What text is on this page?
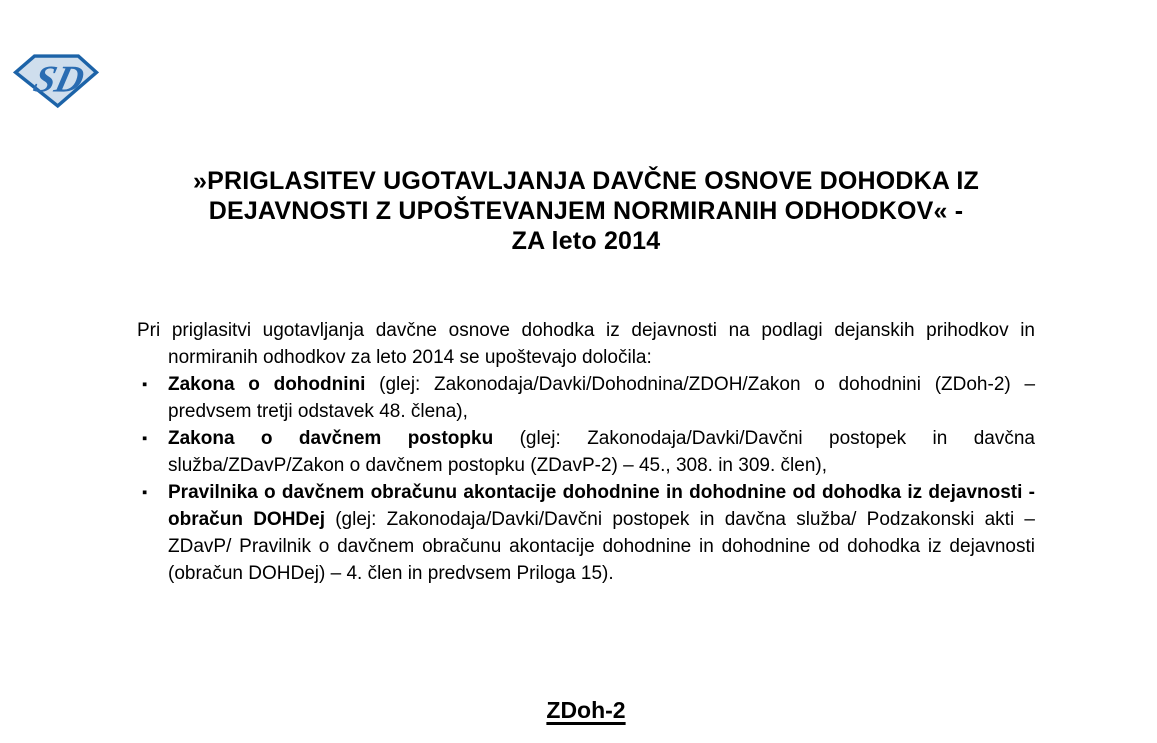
SD
»PRIGLASITEV UGOTAVLJANJA DAVČNE OSNOVE DOHODKA IZ
DEJAVNOSTI Z UPOŠTEVANJEM NORMIRANIH ODHODKOV« -
ZA leto 2014

Pri priglasitvi ugotavljanja davčne osnove dohodka iz dejavnosti na podlagi dejanskih prihodkov in normiranih odhodkov za leto 2014 se upoštevajo določila:

▪ Zakona o dohodnini (glej: Zakonodaja/Davki/Dohodnina/ZDOH/Zakon o dohodnini (ZDoh-2) – predvsem tretji odstavek 48. člena),
▪ Zakona o davčnem postopku (glej: Zakonodaja/Davki/Davčni postopek in davčna služba/ZDavP/Zakon o davčnem postopku (ZDavP-2) – 45., 308. in 309. člen),
▪ Pravilnika o davčnem obračunu akontacije dohodnine in dohodnine od dohodka iz dejavnosti - obračun DOHDej (glej: Zakonodaja/Davki/Davčni postopek in davčna služba/ Podzakonski akti – ZDavP/ Pravilnik o davčnem obračunu akontacije dohodnine in dohodnine od dohodka iz dejavnosti (obračun DOHDej) – 4. člen in predvsem Priloga 15).
ZDoh-2
